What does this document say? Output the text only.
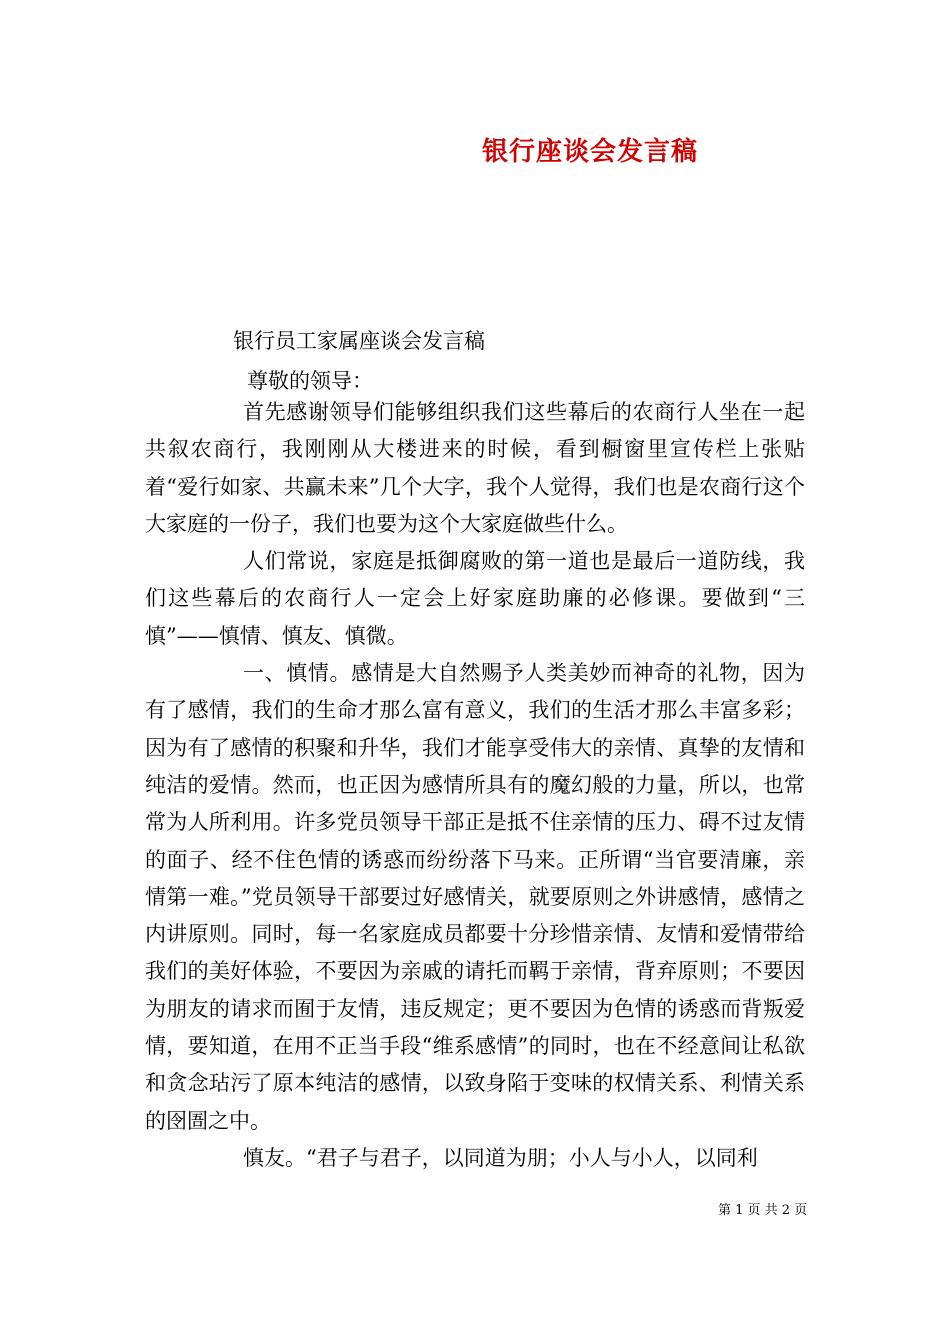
银行座谈会发言稿

银行员工家属座谈会发言稿

尊敬的领导：

首先感谢领导们能够组织我们这些幕后的农商行人坐在一起共叙农商行，我刚刚从大楼进来的时候，看到橱窗里宣传栏上张贴着“爱行如家、共赢未来”几个大字，我个人觉得，我们也是农商行这个大家庭的一份子，我们也要为这个大家庭做些什么。

人们常说，家庭是抵御腐败的第一道也是最后一道防线，我们这些幕后的农商行人一定会上好家庭助廉的必修课。要做到“三慎”——慎情、慎友、慎微。

一、慎情。感情是大自然赐予人类美妙而神奇的礼物，因为有了感情，我们的生命才那么富有意义，我们的生活才那么丰富多彩；因为有了感情的积聚和升华，我们才能享受伟大的亲情、真挚的友情和纯洁的爱情。然而，也正因为感情所具有的魔幻般的力量，所以，也常常为人所利用。许多党员领导干部正是抵不住亲情的压力、碍不过友情的面子、经不住色情的诱惑而纷纷落下马来。正所谓“当官要清廉，亲情第一难。”党员领导干部要过好感情关，就要原则之外讲感情，感情之内讲原则。同时，每一名家庭成员都要十分珍惜亲情、友情和爱情带给我们的美好体验，不要因为亲戚的请托而羁于亲情，背弃原则；不要因为朋友的请求而囿于友情，违反规定；更不要因为色情的诱惑而背叛爱情，要知道，在用不正当手段“维系感情”的同时，也在不经意间让私欲和贪念玷污了原本纯洁的感情，以致身陷于变味的权情关系、利情关系的囹圄之中。

慎友。“君子与君子，以同道为朋；小人与小人，以同利

第 1 页 共 2 页
